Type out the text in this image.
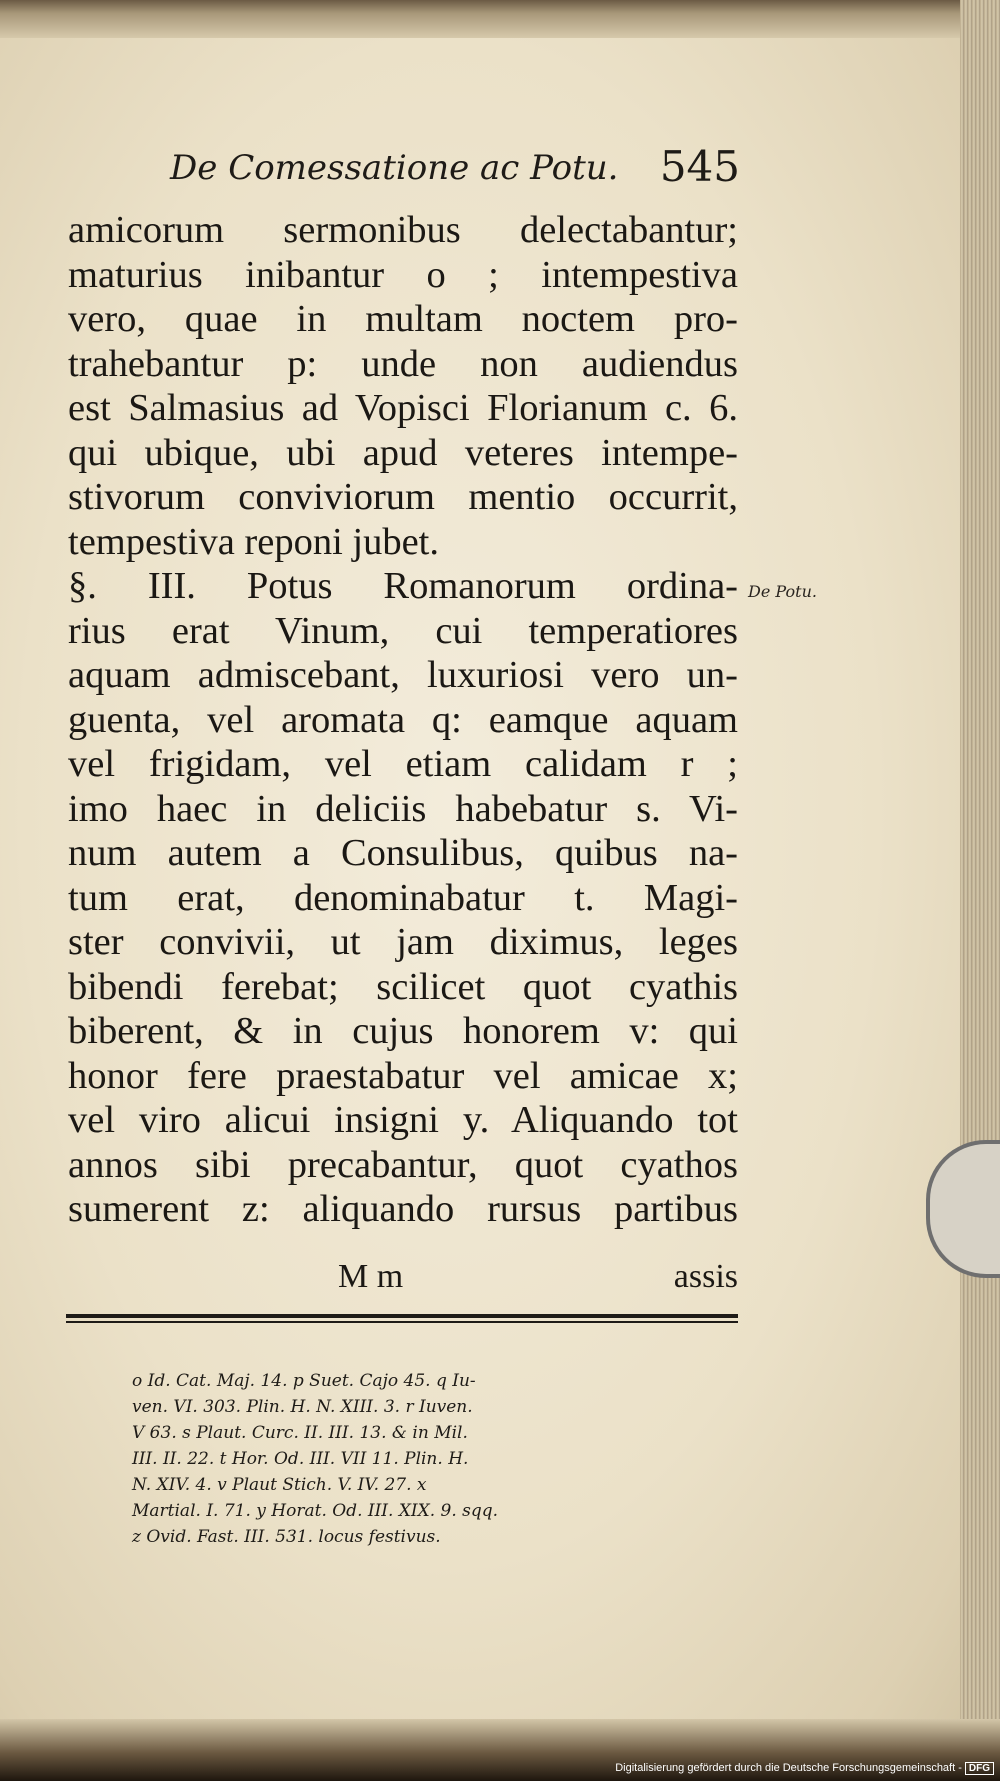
De Comessatione ac Potu. 545

amicorum sermonibus delectabantur;

maturius inibantur o ; intempestiva

vero, quae in multam noctem pro-

trahebantur p: unde non audiendus

est Salmasius ad Vopisci Florianum c. 6.

qui ubique, ubi apud veteres intempe-

stivorum conviviorum mentio occurrit,

tempestiva reponi jubet.

§. III. Potus Romanorum ordina-

rius erat Vinum, cui temperatiores

aquam admiscebant, luxuriosi vero un-

guenta, vel aromata q: eamque aquam

vel frigidam, vel etiam calidam r ;

imo haec in deliciis habebatur s. Vi-

num autem a Consulibus, quibus na-

tum erat, denominabatur t. Magi-

ster convivii, ut jam diximus, leges

bibendi ferebat; scilicet quot cyathis

biberent, & in cujus honorem v: qui

honor fere praestabatur vel amicae x;

vel viro alicui insigni y. Aliquando tot

annos sibi precabantur, quot cyathos

sumerent z: aliquando rursus partibus

De Potu.
M m	assis
o Id. Cat. Maj. 14. p Suet. Cajo 45. q Iu-
ven. VI. 303. Plin. H. N. XIII. 3. r Iuven.
V 63. s Plaut. Curc. II. III. 13. & in Mil.
III. II. 22. t Hor. Od. III. VII 11. Plin. H.
N. XIV. 4. v Plaut Stich. V. IV. 27. x
Martial. I. 71. y Horat. Od. III. XIX. 9. sqq.
z Ovid. Fast. III. 531. locus festivus.
Digitalisierung gefördert durch die Deutsche Forschungsgemeinschaft - DFG
